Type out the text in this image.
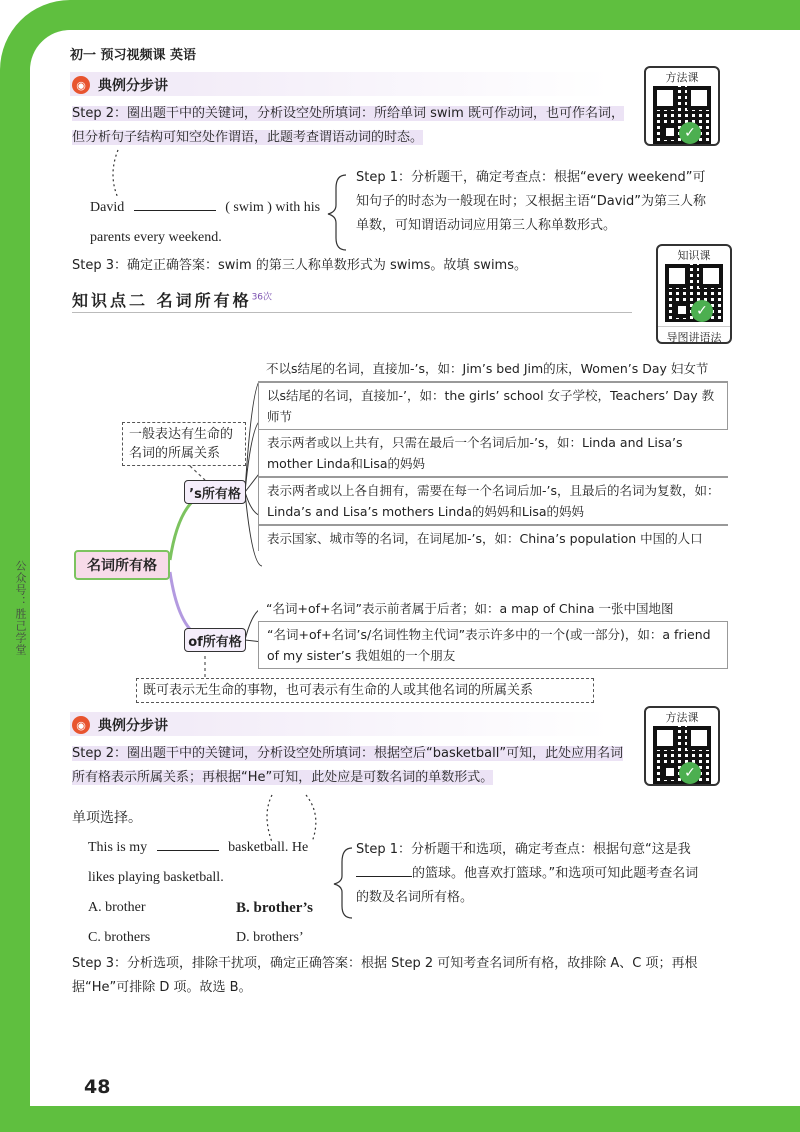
公众号：胜己学堂
初一 预习视频课 英语
◉ 典例分步讲
方法课
✓
Step 2：圈出题干中的关键词，分析设空处所填词：所给单词 swim 既可作动词，也可作名词，但分析句子结构可知空处作谓语，此题考查谓语动词的时态。
David	( swim ) with his
parents every weekend.
Step 1：分析题干，确定考查点：根据“every weekend”可知句子的时态为一般现在时；又根据主语“David”为第三人称单数，可知谓语动词应用第三人称单数形式。
Step 3：确定正确答案：swim 的第三人称单数形式为 swims。故填 swims。
知识点二 名词所有格$^{36次}$
知识课
✓
导图讲语法
一般表达有生命的名词的所属关系
名词所有格
’s所有格
of所有格
不以s结尾的名词，直接加-’s，如：Jim’s bed Jim的床，Women’s Day 妇女节
以s结尾的名词，直接加-’，如：the girls’ school 女子学校，Teachers’ Day 教师节
表示两者或以上共有，只需在最后一个名词后加-’s，如：Linda and Lisa’s mother Linda和Lisa的妈妈
表示两者或以上各自拥有，需要在每一个名词后加-’s，且最后的名词为复数，如：Linda’s and Lisa’s mothers Linda的妈妈和Lisa的妈妈
表示国家、城市等的名词，在词尾加-’s，如：China’s population 中国的人口
“名词+of+名词”表示前者属于后者；如：a map of China 一张中国地图
“名词+of+名词’s/名词性物主代词”表示许多中的一个(或一部分)，如：a friend of my sister’s 我姐姐的一个朋友
既可表示无生命的事物，也可表示有生命的人或其他名词的所属关系
◉ 典例分步讲
方法课
✓
Step 2：圈出题干中的关键词，分析设空处所填词：根据空后“basketball”可知，此处应用名词所有格表示所属关系；再根据“He”可知，此处应是可数名词的单数形式。
单项选择。
This is my	basketball. He
likes playing basketball.
A. brother	B. brother’s
C. brothers	D. brothers’
Step 1：分析题干和选项，确定考查点：根据句意“这是我
的篮球。他喜欢打篮球。”和选项可知此题考查名词的数及名词所有格。
Step 3：分析选项，排除干扰项，确定正确答案：根据 Step 2 可知考查名词所有格，故排除 A、C 项；再根据“He”可排除 D 项。故选 B。
48
